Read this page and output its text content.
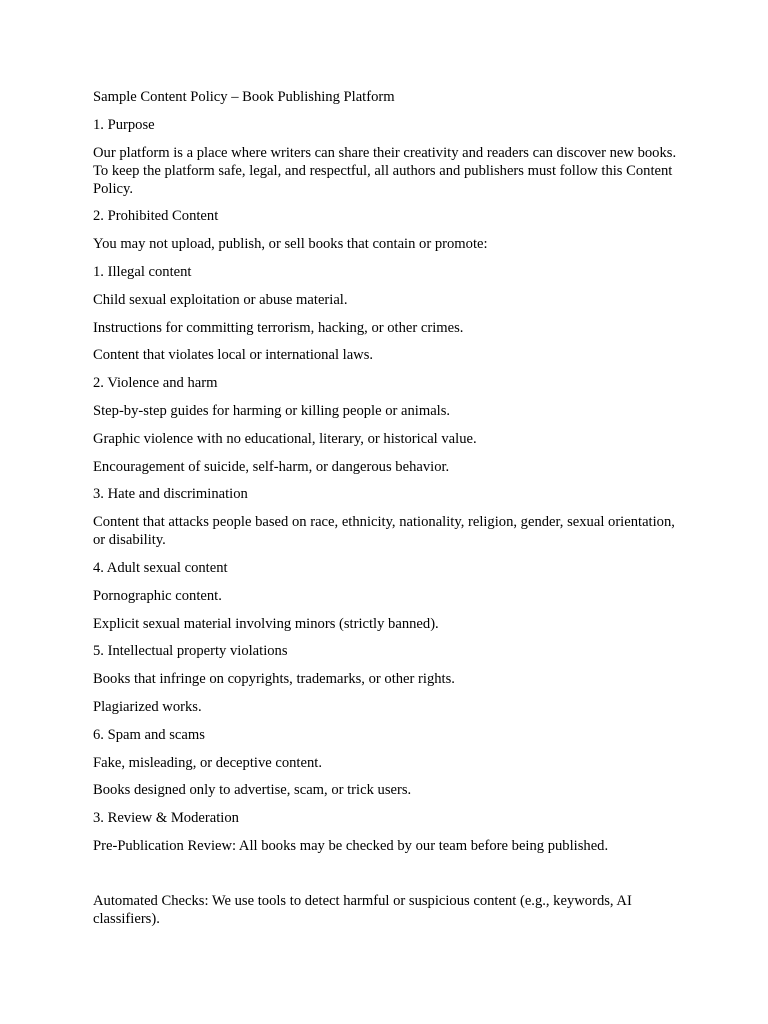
Sample Content Policy – Book Publishing Platform

1. Purpose

Our platform is a place where writers can share their creativity and readers can discover new books. To keep the platform safe, legal, and respectful, all authors and publishers must follow this Content Policy.

2. Prohibited Content

You may not upload, publish, or sell books that contain or promote:

1. Illegal content

Child sexual exploitation or abuse material.

Instructions for committing terrorism, hacking, or other crimes.

Content that violates local or international laws.

2. Violence and harm

Step-by-step guides for harming or killing people or animals.

Graphic violence with no educational, literary, or historical value.

Encouragement of suicide, self-harm, or dangerous behavior.

3. Hate and discrimination

Content that attacks people based on race, ethnicity, nationality, religion, gender, sexual orientation, or disability.

4. Adult sexual content

Pornographic content.

Explicit sexual material involving minors (strictly banned).

5. Intellectual property violations

Books that infringe on copyrights, trademarks, or other rights.

Plagiarized works.

6. Spam and scams

Fake, misleading, or deceptive content.

Books designed only to advertise, scam, or trick users.

3. Review & Moderation

Pre-Publication Review: All books may be checked by our team before being published.

Automated Checks: We use tools to detect harmful or suspicious content (e.g., keywords, AI classifiers).
